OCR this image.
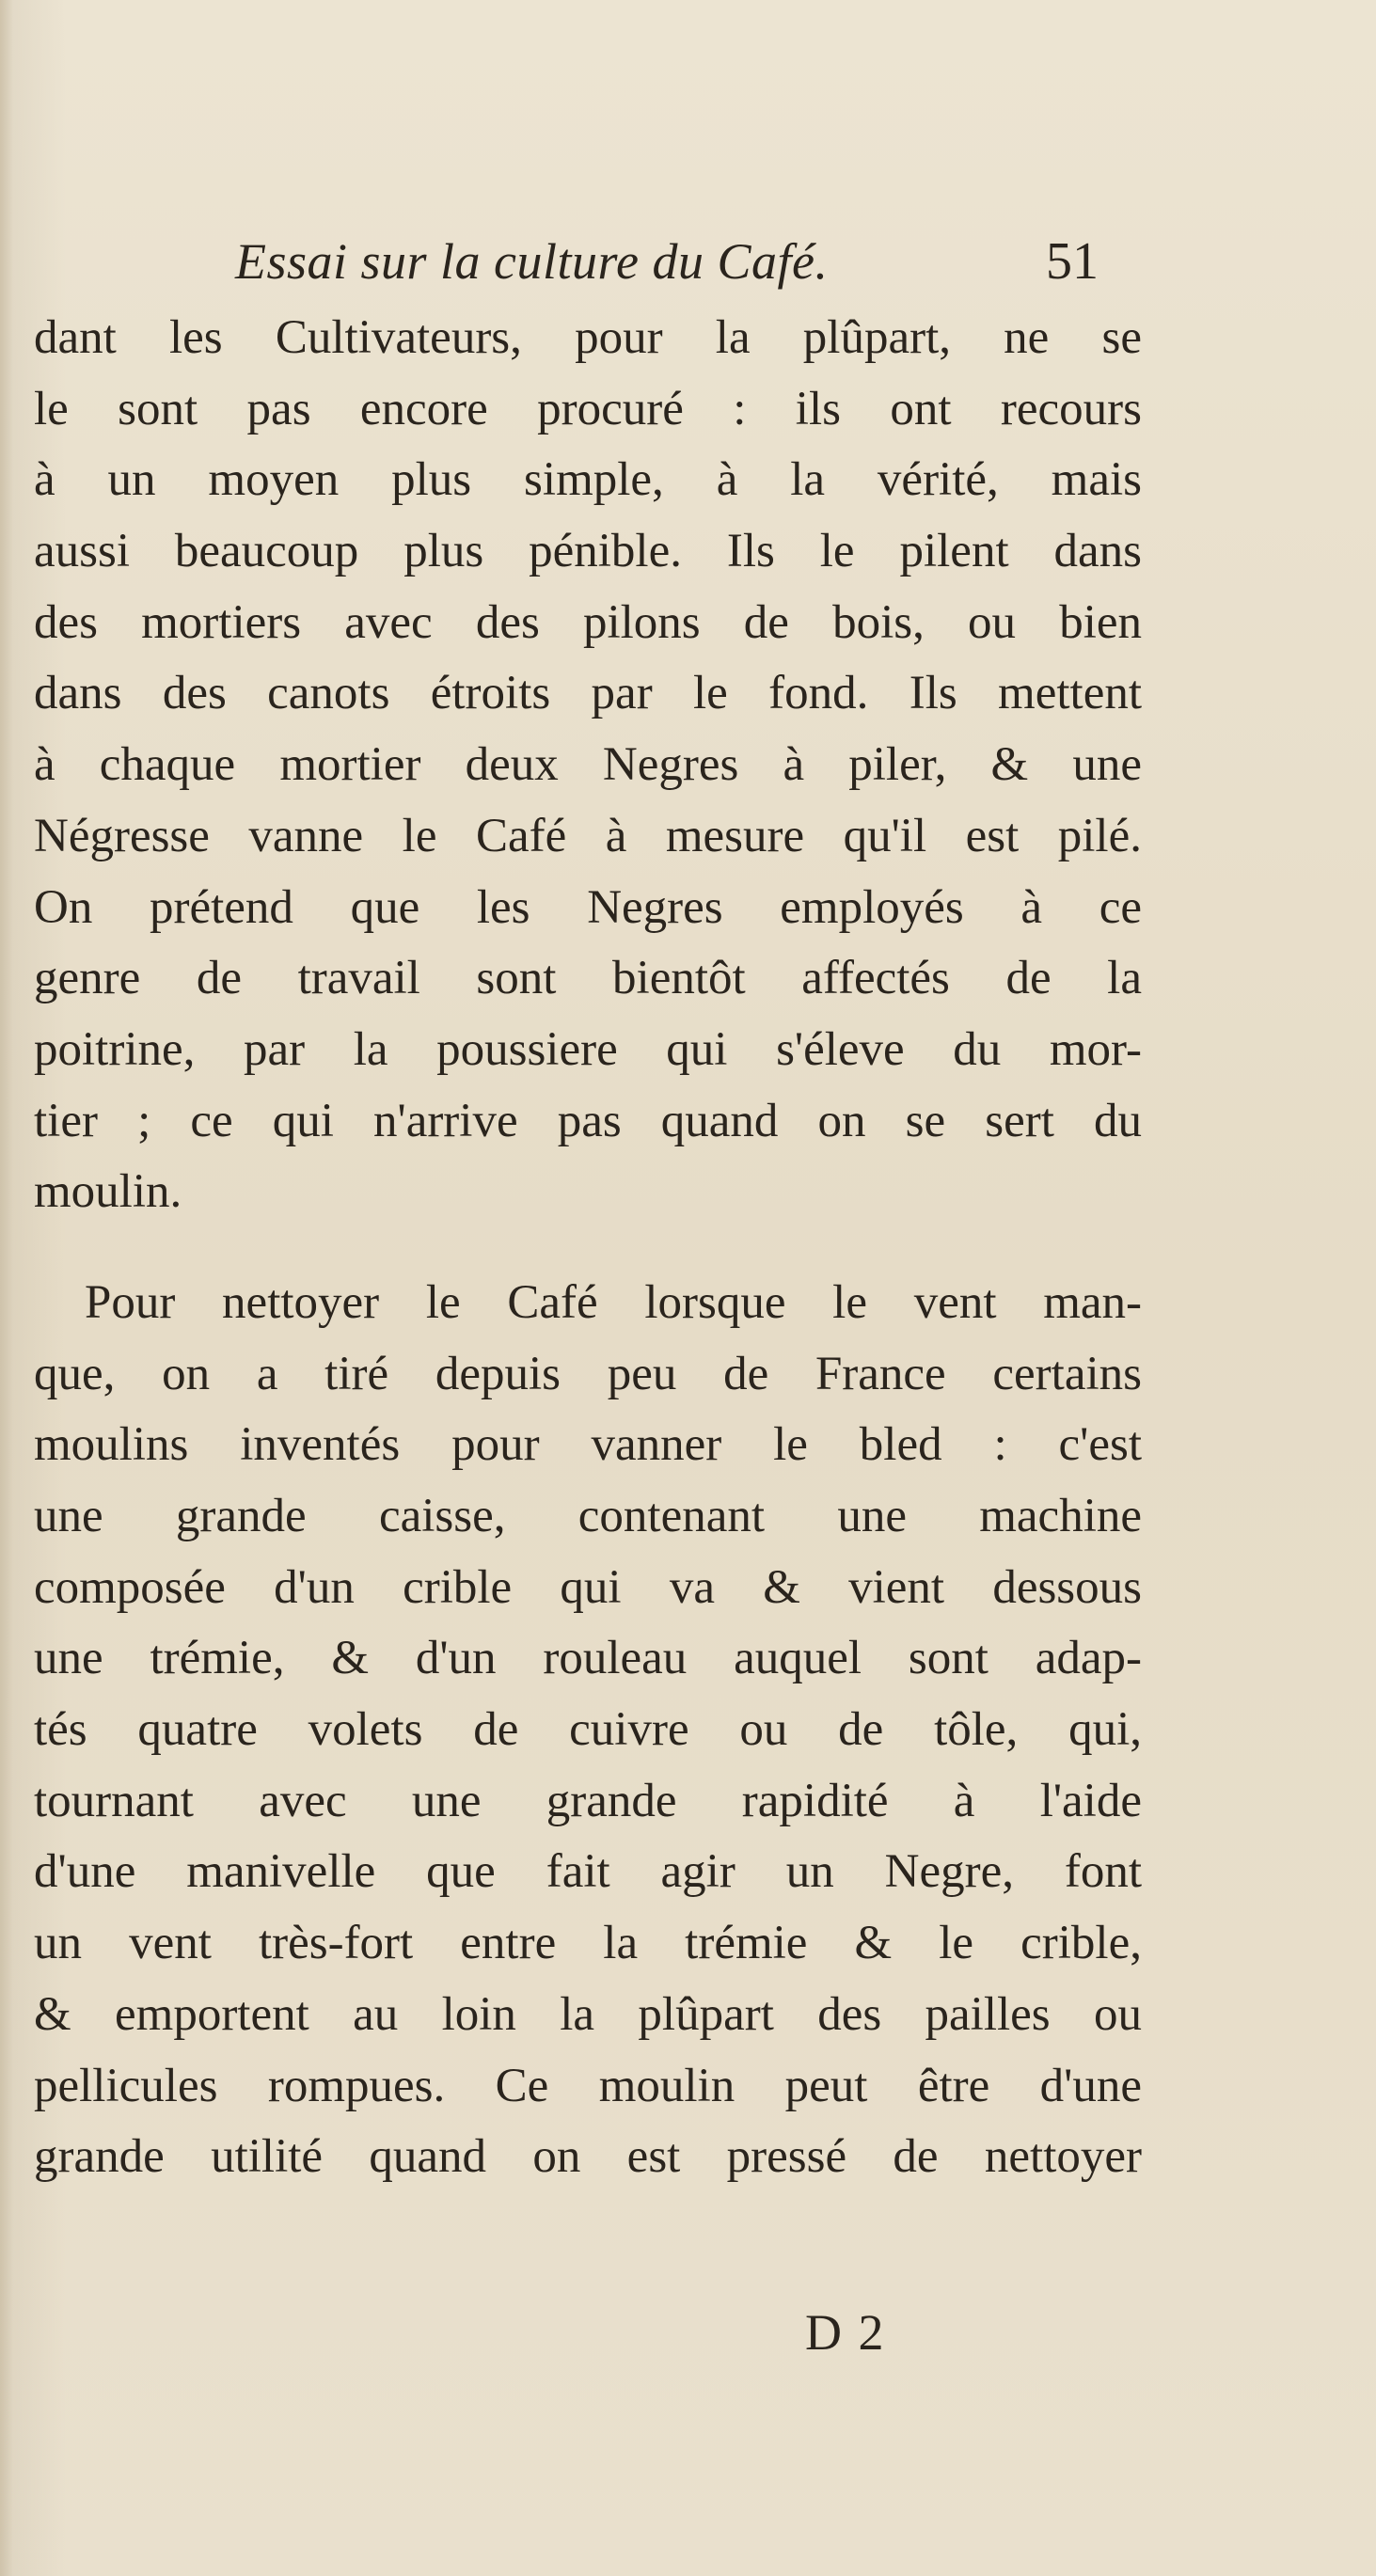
Essai sur la culture du Café.	51
dant les Cultivateurs, pour la plûpart, ne se
le sont pas encore procuré : ils ont recours
à un moyen plus simple, à la vérité, mais
aussi beaucoup plus pénible. Ils le pilent dans
des mortiers avec des pilons de bois, ou bien
dans des canots étroits par le fond. Ils mettent
à chaque mortier deux Negres à piler, & une
Négresse vanne le Café à mesure qu'il est pilé.
On prétend que les Negres employés à ce
genre de travail sont bientôt affectés de la
poitrine, par la poussiere qui s'éleve du mor-
tier ; ce qui n'arrive pas quand on se sert du
moulin.
Pour nettoyer le Café lorsque le vent man-
que, on a tiré depuis peu de France certains
moulins inventés pour vanner le bled : c'est
une grande caisse, contenant une machine
composée d'un crible qui va & vient dessous
une trémie, & d'un rouleau auquel sont adap-
tés quatre volets de cuivre ou de tôle, qui,
tournant avec une grande rapidité à l'aide
d'une manivelle que fait agir un Negre, font
un vent très-fort entre la trémie & le crible,
& emportent au loin la plûpart des pailles ou
pellicules rompues. Ce moulin peut être d'une
grande utilité quand on est pressé de nettoyer
D 2
